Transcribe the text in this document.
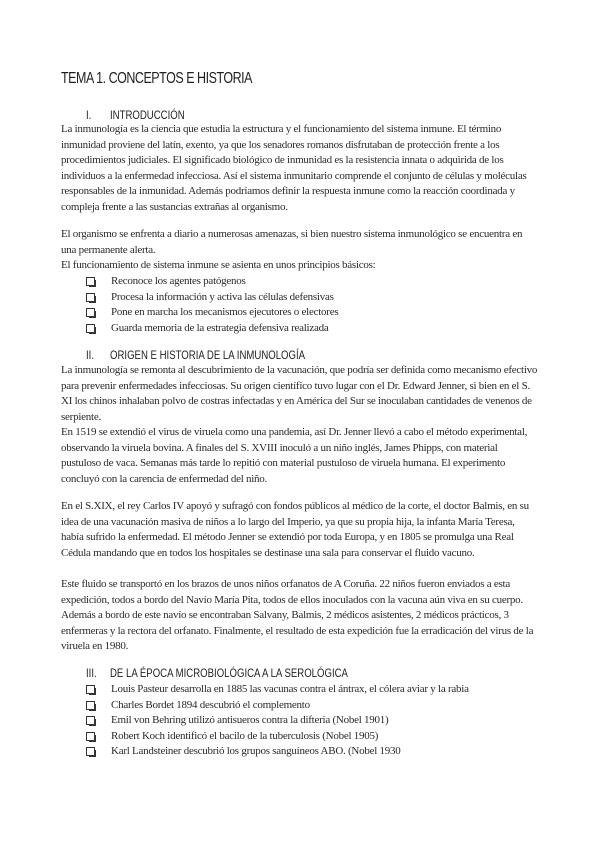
TEMA 1. CONCEPTOS E HISTORIA
I. INTRODUCCIÓN

La inmunología es la ciencia que estudia la estructura y el funcionamiento del sistema inmune. El término inmunidad proviene del latín, exento, ya que los senadores romanos disfrutaban de protección frente a los procedimientos judiciales. El significado biológico de inmunidad es la resistencia innata o adquirida de los individuos a la enfermedad infecciosa. Así el sistema inmunitario comprende el conjunto de células y moléculas responsables de la inmunidad. Además podríamos definir la respuesta inmune como la reacción coordinada y compleja frente a las sustancias extrañas al organismo.

El organismo se enfrenta a diario a numerosas amenazas, si bien nuestro sistema inmunológico se encuentra en una permanente alerta.

El funcionamiento de sistema inmune se asienta en unos principios básicos:

Reconoce los agentes patógenos
Procesa la información y activa las células defensivas
Pone en marcha los mecanismos ejecutores o electores
Guarda memoria de la estrategia defensiva realizada
II. ORIGEN E HISTORIA DE LA INMUNOLOGÍA

La inmunología se remonta al descubrimiento de la vacunación, que podría ser definida como mecanismo efectivo para prevenir enfermedades infecciosas. Su origen científico tuvo lugar con el Dr. Edward Jenner, si bien en el S. XI los chinos inhalaban polvo de costras infectadas y en América del Sur se inoculaban cantidades de venenos de serpiente.

En 1519 se extendió el virus de viruela como una pandemia, así Dr. Jenner llevó a cabo el método experimental, observando la viruela bovina. A finales del S. XVIII inoculó a un niño inglés, James Phipps, con material pustuloso de vaca. Semanas más tarde lo repitió con material pustuloso de viruela humana. El experimento concluyó con la carencia de enfermedad del niño.

En el S.XIX, el rey Carlos IV apoyó y sufragó con fondos públicos al médico de la corte, el doctor Balmis, en su idea de una vacunación masiva de niños a lo largo del Imperio, ya que su propia hija, la infanta María Teresa, había sufrido la enfermedad. El método Jenner se extendió por toda Europa, y en 1805 se promulga una Real Cédula mandando que en todos los hospitales se destinase una sala para conservar el fluido vacuno.

Este fluido se transportó en los brazos de unos niños orfanatos de A Coruña. 22 niños fueron enviados a esta expedición, todos a bordo del Navío María Pita, todos de ellos inoculados con la vacuna aún viva en su cuerpo. Además a bordo de este navío se encontraban Salvany, Balmis, 2 médicos asistentes, 2 médicos prácticos, 3 enfermeras y la rectora del orfanato. Finalmente, el resultado de esta expedición fue la erradicación del virus de la viruela en 1980.

III. DE LA ÉPOCA MICROBIOLÓGICA A LA SEROLÓGICA
Louis Pasteur desarrolla en 1885 las vacunas contra el ántrax, el cólera aviar y la rabia
Charles Bordet 1894 descubrió el complemento
Emil von Behring utilizó antisueros contra la difteria (Nobel 1901)
Robert Koch identificó el bacilo de la tuberculosis (Nobel 1905)
Karl Landsteiner descubrió los grupos sanguíneos ABO. (Nobel 1930
